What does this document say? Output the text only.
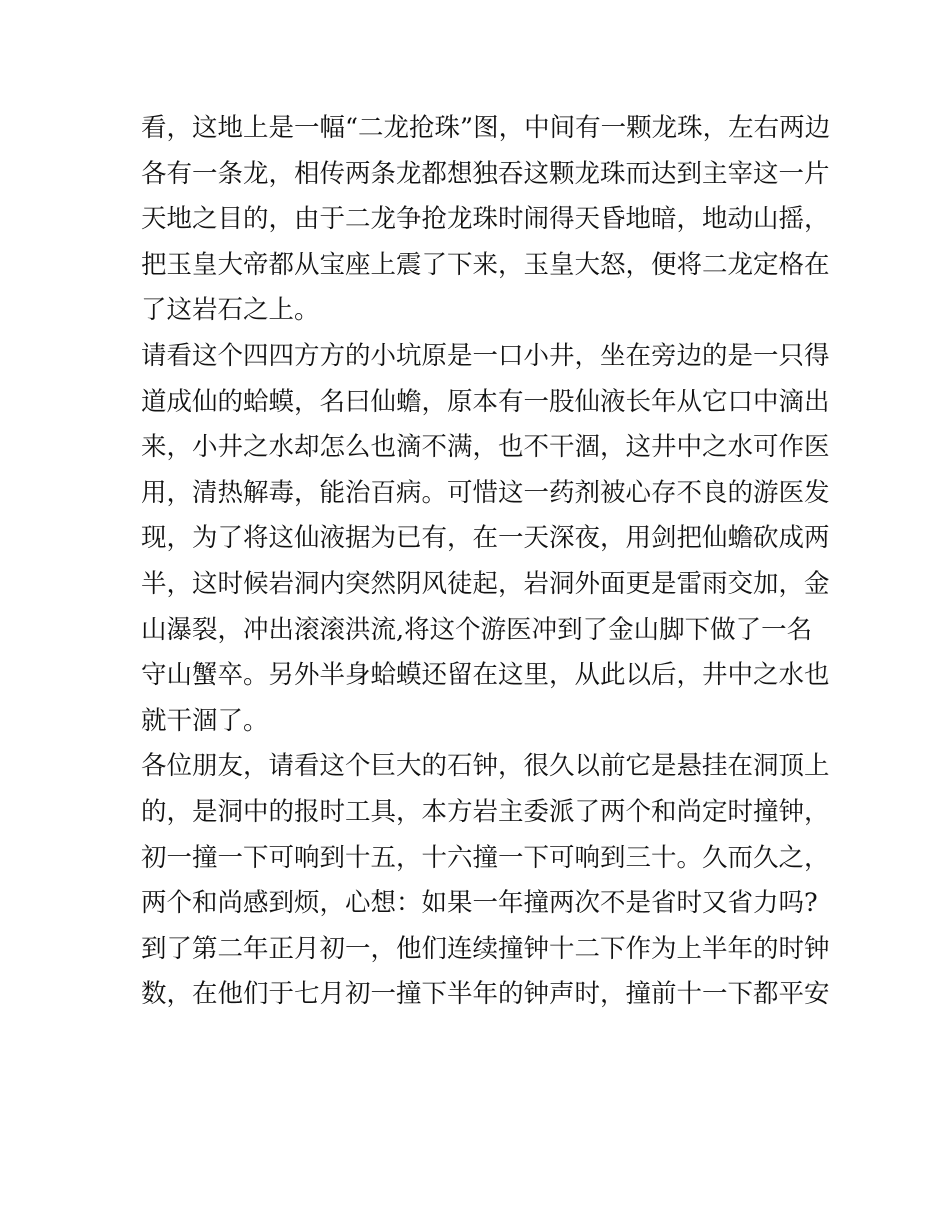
看，这地上是一幅“二龙抢珠”图，中间有一颗龙珠，左右两边
各有一条龙，相传两条龙都想独吞这颗龙珠而达到主宰这一片
天地之目的，由于二龙争抢龙珠时闹得天昏地暗，地动山摇，
把玉皇大帝都从宝座上震了下来，玉皇大怒，便将二龙定格在
了这岩石之上。
请看这个四四方方的小坑原是一口小井，坐在旁边的是一只得
道成仙的蛤蟆，名曰仙蟾，原本有一股仙液长年从它口中滴出
来，小井之水却怎么也滴不满，也不干涸，这井中之水可作医
用，清热解毒，能治百病。可惜这一药剂被心存不良的游医发
现，为了将这仙液据为已有，在一天深夜，用剑把仙蟾砍成两
半，这时候岩洞内突然阴风徒起，岩洞外面更是雷雨交加，金
山瀑裂，冲出滚滚洪流,将这个游医冲到了金山脚下做了一名
守山蟹卒。另外半身蛤蟆还留在这里，从此以后，井中之水也
就干涸了。
各位朋友，请看这个巨大的石钟，很久以前它是悬挂在洞顶上
的，是洞中的报时工具，本方岩主委派了两个和尚定时撞钟，
初一撞一下可响到十五，十六撞一下可响到三十。久而久之，
两个和尚感到烦，心想：如果一年撞两次不是省时又省力吗?
到了第二年正月初一，他们连续撞钟十二下作为上半年的时钟
数，在他们于七月初一撞下半年的钟声时，撞前十一下都平安
